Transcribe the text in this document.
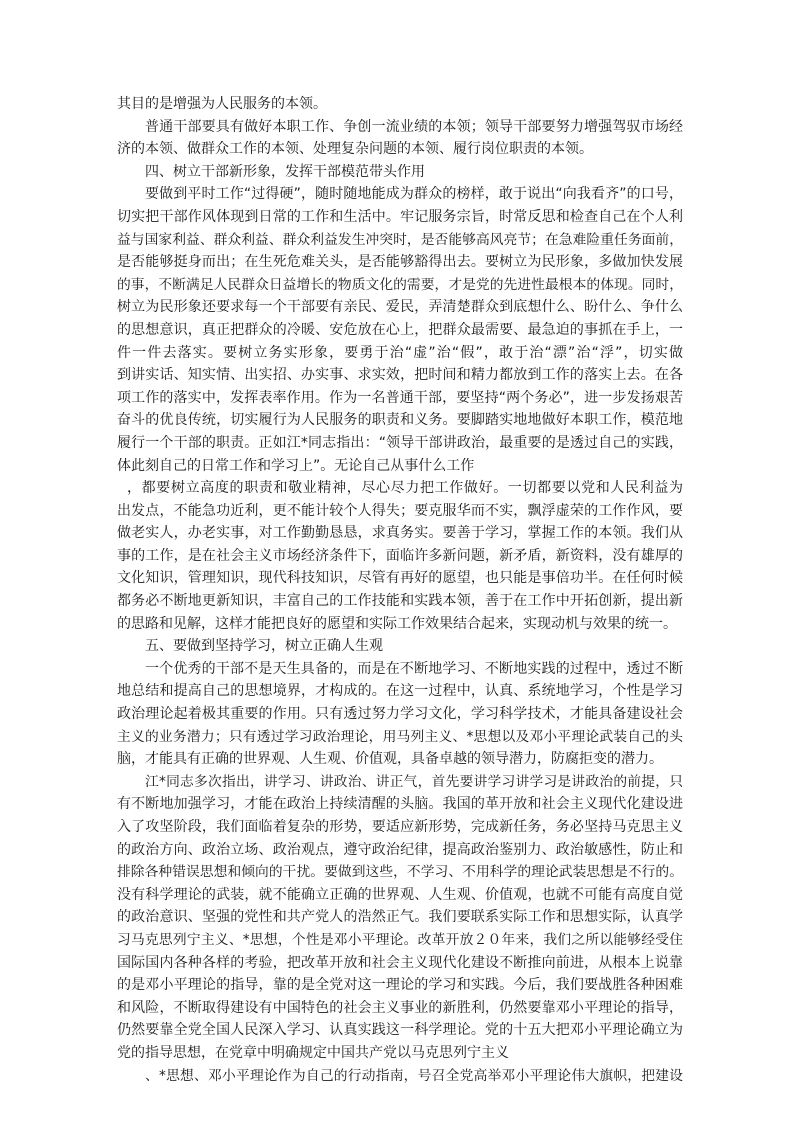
其目的是增强为人民服务的本领。
普通干部要具有做好本职工作、争创一流业绩的本领；领导干部要努力增强驾驭市场经
济的本领、做群众工作的本领、处理复杂问题的本领、履行岗位职责的本领。
四、树立干部新形象，发挥干部模范带头作用
要做到平时工作“过得硬”，随时随地能成为群众的榜样，敢于说出“向我看齐”的口号，
切实把干部作风体现到日常的工作和生活中。牢记服务宗旨，时常反思和检查自己在个人利
益与国家利益、群众利益、群众利益发生冲突时，是否能够高风亮节；在急难险重任务面前，
是否能够挺身而出；在生死危难关头，是否能够豁得出去。要树立为民形象，多做加快发展
的事，不断满足人民群众日益增长的物质文化的需要，才是党的先进性最根本的体现。同时，
树立为民形象还要求每一个干部要有亲民、爱民，弄清楚群众到底想什么、盼什么、争什么
的思想意识，真正把群众的冷暖、安危放在心上，把群众最需要、最急迫的事抓在手上，一
件一件去落实。要树立务实形象，要勇于治“虚”治“假”，敢于治“漂”治“浮”，切实做
到讲实话、知实情、出实招、办实事、求实效，把时间和精力都放到工作的落实上去。在各
项工作的落实中，发挥表率作用。作为一名普通干部，要坚持“两个务必”，进一步发扬艰苦
奋斗的优良传统，切实履行为人民服务的职责和义务。要脚踏实地地做好本职工作，模范地
履行一个干部的职责。正如江*同志指出：“领导干部讲政治，最重要的是透过自己的实践，
体此刻自己的日常工作和学习上”。无论自己从事什么工作
，都要树立高度的职责和敬业精神，尽心尽力把工作做好。一切都要以党和人民利益为
出发点，不能急功近利，更不能计较个人得失；要克服华而不实，飘浮虚荣的工作作风，要
做老实人，办老实事，对工作勤勤恳恳，求真务实。要善于学习，掌握工作的本领。我们从
事的工作，是在社会主义市场经济条件下，面临许多新问题，新矛盾，新资料，没有雄厚的
文化知识，管理知识，现代科技知识，尽管有再好的愿望，也只能是事倍功半。在任何时候
都务必不断地更新知识，丰富自己的工作技能和实践本领，善于在工作中开拓创新，提出新
的思路和见解，这样才能把良好的愿望和实际工作效果结合起来，实现动机与效果的统一。
五、要做到坚持学习，树立正确人生观
一个优秀的干部不是天生具备的，而是在不断地学习、不断地实践的过程中，透过不断
地总结和提高自己的思想境界，才构成的。在这一过程中，认真、系统地学习，个性是学习
政治理论起着极其重要的作用。只有透过努力学习文化，学习科学技术，才能具备建设社会
主义的业务潜力；只有透过学习政治理论，用马列主义、*思想以及邓小平理论武装自己的头
脑，才能具有正确的世界观、人生观、价值观，具备卓越的领导潜力，防腐拒变的潜力。
江*同志多次指出，讲学习、讲政治、讲正气，首先要讲学习讲学习是讲政治的前提，只
有不断地加强学习，才能在政治上持续清醒的头脑。我国的革开放和社会主义现代化建设进
入了攻坚阶段，我们面临着复杂的形势，要适应新形势，完成新任务，务必坚持马克思主义
的政治方向、政治立场、政治观点，遵守政治纪律，提高政治鉴别力、政治敏感性，防止和
排除各种错误思想和倾向的干扰。要做到这些，不学习、不用科学的理论武装思想是不行的。
没有科学理论的武装，就不能确立正确的世界观、人生观、价值观，也就不可能有高度自觉
的政治意识、坚强的党性和共产党人的浩然正气。我们要联系实际工作和思想实际，认真学
习马克思列宁主义、*思想，个性是邓小平理论。改革开放２０年来，我们之所以能够经受住
国际国内各种各样的考验，把改革开放和社会主义现代化建设不断推向前进，从根本上说靠
的是邓小平理论的指导，靠的是全党对这一理论的学习和实践。今后，我们要战胜各种困难
和风险，不断取得建设有中国特色的社会主义事业的新胜利，仍然要靠邓小平理论的指导，
仍然要靠全党全国人民深入学习、认真实践这一科学理论。党的十五大把邓小平理论确立为
党的指导思想，在党章中明确规定中国共产党以马克思列宁主义
、*思想、邓小平理论作为自己的行动指南，号召全党高举邓小平理论伟大旗帜，把建设
